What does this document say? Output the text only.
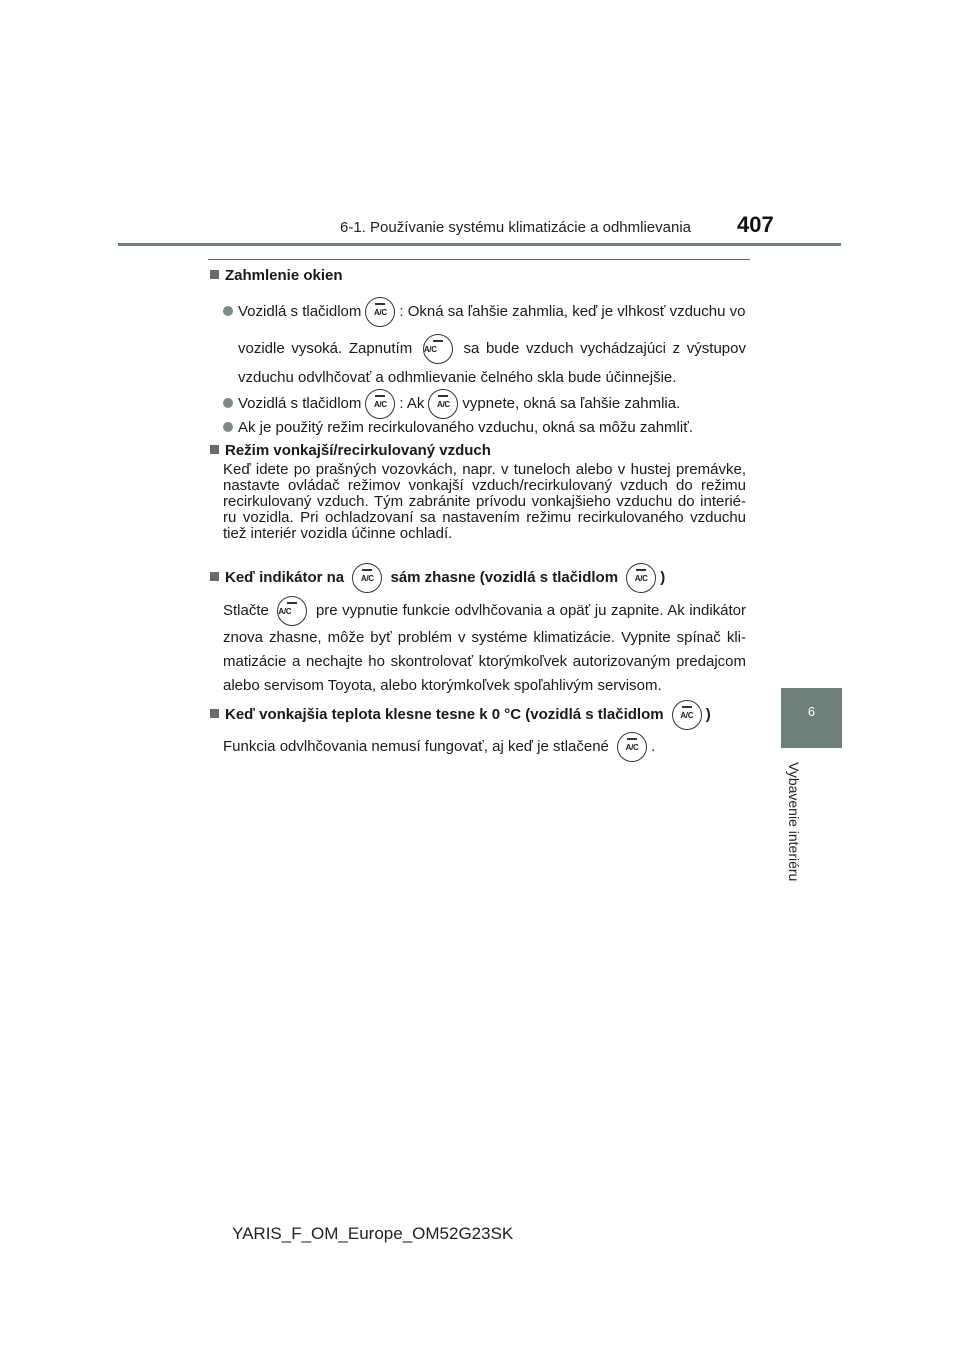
6-1. Používanie systému klimatizácie a odhmlievania 407
6
Vybavenie interiéru
Zahmlenie okien
Vozidlá s tlačidlom	A/C : Okná sa ľahšie zahmlia, keď je vlhkosť vzduchu vo
vozidle vysoká. Zapnutím A/C	sa bude vzduch vychádzajúci z výstupov
vzduchu odvlhčovať a odhmlievanie čelného skla bude účinnejšie.
Vozidlá s tlačidlom	A/C : Ak	A/C vypnete, okná sa ľahšie zahmlia.
Ak je použitý režim recirkulovaného vzduchu, okná sa môžu zahmliť.
Režim vonkajší/recirkulovaný vzduch
Keď idete po prašných vozovkách, napr. v tuneloch alebo v hustej premávke,
nastavte ovládač režimov vonkajší vzduch/recirkulovaný vzduch do režimu
recirkulovaný vzduch. Tým zabránite prívodu vonkajšieho vzduchu do interié-
ru vozidla. Pri ochladzovaní sa nastavením režimu recirkulovaného vzduchu
tiež interiér vozidla účinne ochladí.
Keď indikátor na	A/C	sám zhasne (vozidlá s tlačidlom	A/C )
Stlačte A/C	pre vypnutie funkcie odvlhčovania a opäť ju zapnite. Ak indikátor
znova zhasne, môže byť problém v systéme klimatizácie. Vypnite spínač kli-
matizácie a nechajte ho skontrolovať ktorýmkoľvek autorizovaným predajcom
alebo servisom Toyota, alebo ktorýmkoľvek spoľahlivým servisom.
Keď vonkajšia teplota klesne tesne k 0 °C (vozidlá s tlačidlom	A/C )
Funkcia odvlhčovania nemusí fungovať, aj keď je stlačené	A/C .
YARIS_F_OM_Europe_OM52G23SK
